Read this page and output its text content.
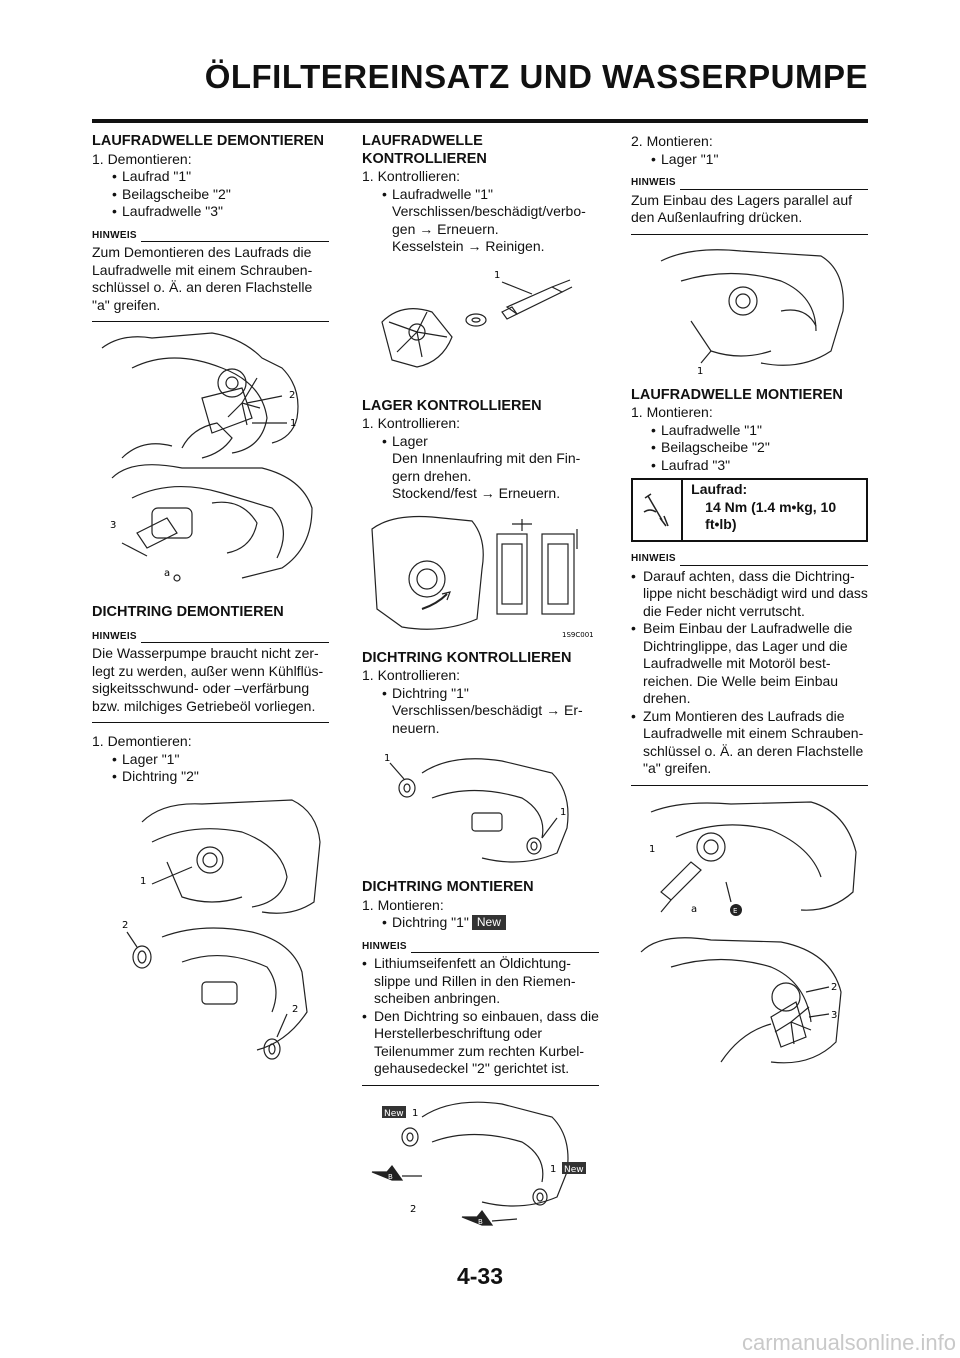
ÖLFILTEREINSATZ UND WASSERPUMPE

LAUFRADWELLE DEMONTIEREN

1. Demontieren:

• Laufrad "1"
• Beilagscheibe "2"
• Laufradwelle "3"
HINWEIS
Zum Demontieren des Laufrads die Laufradwelle mit einem Schrauben-schlüssel o. Ä. an deren Flachstelle "a" greifen.
2
1
3
a

DICHTRING DEMONTIEREN

HINWEIS
Die Wasserpumpe braucht nicht zer-legt zu werden, außer wenn Kühlflüs-sigkeitsschwund- oder –verfärbung bzw. milchiges Getriebeöl vorliegen.

1. Demontieren:

• Lager "1"
• Dichtring "2"
1
2
2

LAUFRADWELLE

KONTROLLIEREN

1. Kontrollieren:

• Laufradwelle "1"
Verschlissen/beschädigt/verbo-gen → Erneuern.
Kesselstein → Reinigen.
1

LAGER KONTROLLIEREN

1. Kontrollieren:

• Lager
Den Innenlaufring mit den Fin-gern drehen.
Stockend/fest → Erneuern.
1S9C001

DICHTRING KONTROLLIEREN

1. Kontrollieren:

• Dichtring "1"
Verschlissen/beschädigt → Er-neuern.
1
1

DICHTRING MONTIEREN

1. Montieren:

• Dichtring "1" New
HINWEIS
• Lithiumseifenfett an Öldichtung-slippe und Rillen in den Riemen-scheiben anbringen.
• Den Dichtring so einbauen, dass die Herstellerbeschriftung oder Teilenummer zum rechten Kurbel-gehausedeckel "2" gerichtet ist.
New 1
New
1
2
B
B

2. Montieren:

• Lager "1"
HINWEIS
Zum Einbau des Lagers parallel auf den Außenlaufring drücken.
1

LAUFRADWELLE MONTIEREN

1. Montieren:

• Laufradwelle "1"
• Beilagscheibe "2"
• Laufrad "3"
Laufrad:
14 Nm (1.4 m•kg, 10 ft•lb)
HINWEIS
• Darauf achten, dass die Dichtring-lippe nicht beschädigt wird und dass die Feder nicht verrutscht.
• Beim Einbau der Laufradwelle die Dichtringlippe, das Lager und die Laufradwelle mit Motoröl best-reichen. Die Welle beim Einbau drehen.
• Zum Montieren des Laufrads die Laufradwelle mit einem Schrauben-schlüssel o. Ä. an deren Flachstelle "a" greifen.
E
1
a
2
3
4-33
carmanualsonline.info
